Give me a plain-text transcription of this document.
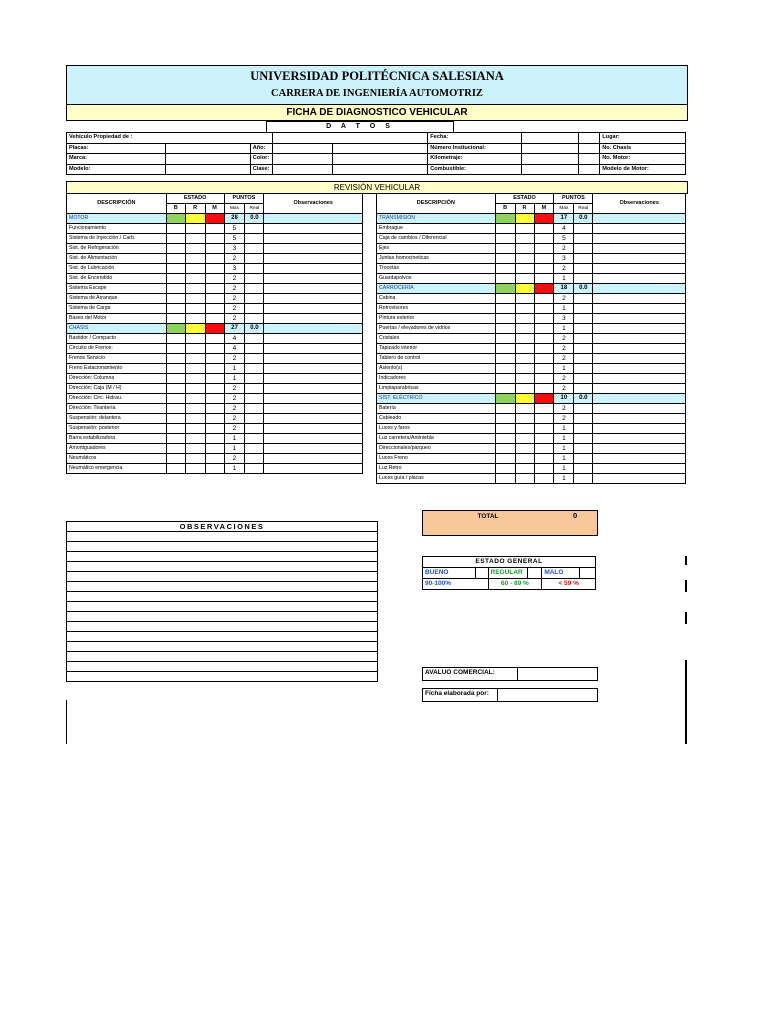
UNIVERSIDAD POLITÉCNICA SALESIANA
CARRERA DE INGENIERÍA AUTOMOTRIZ
FICHA DE DIAGNOSTICO VEHICULAR
D A T O S
Vehículo Propiedad de :					Fecha:			Lugar:
Placas:		Año:			Número Insitucional:			No. Chasis
Marca:		Color:			Kilometraje:			No. Motor:
Modelo:		Clase:			Combustible:			Modelo de Motor:
REVISIÓN VEHICULAR
DESCRIPCIÓN	ESTADO			PUNTOS		Observaciones
	B	R	M	Max	Real	
MOTOR				28	0.0	
Funcionamiento				5		
Sistema de Inyección / Carb.				5		
Sist. de Refrigeración				3		
Sist. de Alimentación				2		
Sist. de Lubricación				3		
Sist. de Encendido				2		
Sistema Escape				2		
Sistema de Arranque				2		
Sistema de Carga				2		
Bases del Motor				2		
CHASIS				27	0.0	
Bastidor / Compacto				4		
Circuito de Frenos:				4		
Frenos Servicio				2		
Freno Estacionamiento				1		
Dirección: Columna				1		
Dirección: Caja (M / H)				2		
Dirección: Circ. Hidrau.				2		
Dirección: Tirantería				2		
Suspensión: delantera				2		
Suspensión: posterior				2		
Barra estabilizadora				1		
Amortiguadores				1		
Neumáticos				2		
Neumático emergencia				1		
DESCRIPCIÓN	ESTADO			PUNTOS		Observaciones
	B	R	M	Max	Real	
TRANSMISIÓN				17	0.0	
Embrague				4		
Caja de cambios / Diferencial				5		
Ejes				2		
Juntas homocineticas				3		
Trocetas				2		
Guardapolvos				1		
CARROCERÍA				18	0.0	
Cabina				2		
Retrovisores				1		
Pintura exterior				3		
Puertas / elevadores de vidrios				1		
Cristales				2		
Tapizado interior				2		
Tablero de control				2		
Asiento(s)				1		
Indicadores				2		
Limpiaparabrisas				2		
SIST. ELÉCTRICO				10	0.0	
Batería				2		
Cableado				2		
Luces y faros				1		
Luz carretera/Antiniebla				1		
Direccionales/parqueo				1		
Luces Freno				1		
Luz Retro				1		
Luces guía / placas				1		
TOTAL	0
OBSERVACIONES

ESTADO GENERAL					
BUENO		REGULAR		MALO	
90-100%		60 - 89 %		< 59 %	
AVALUO COMERCIAL:
Ficha elaborada por:
